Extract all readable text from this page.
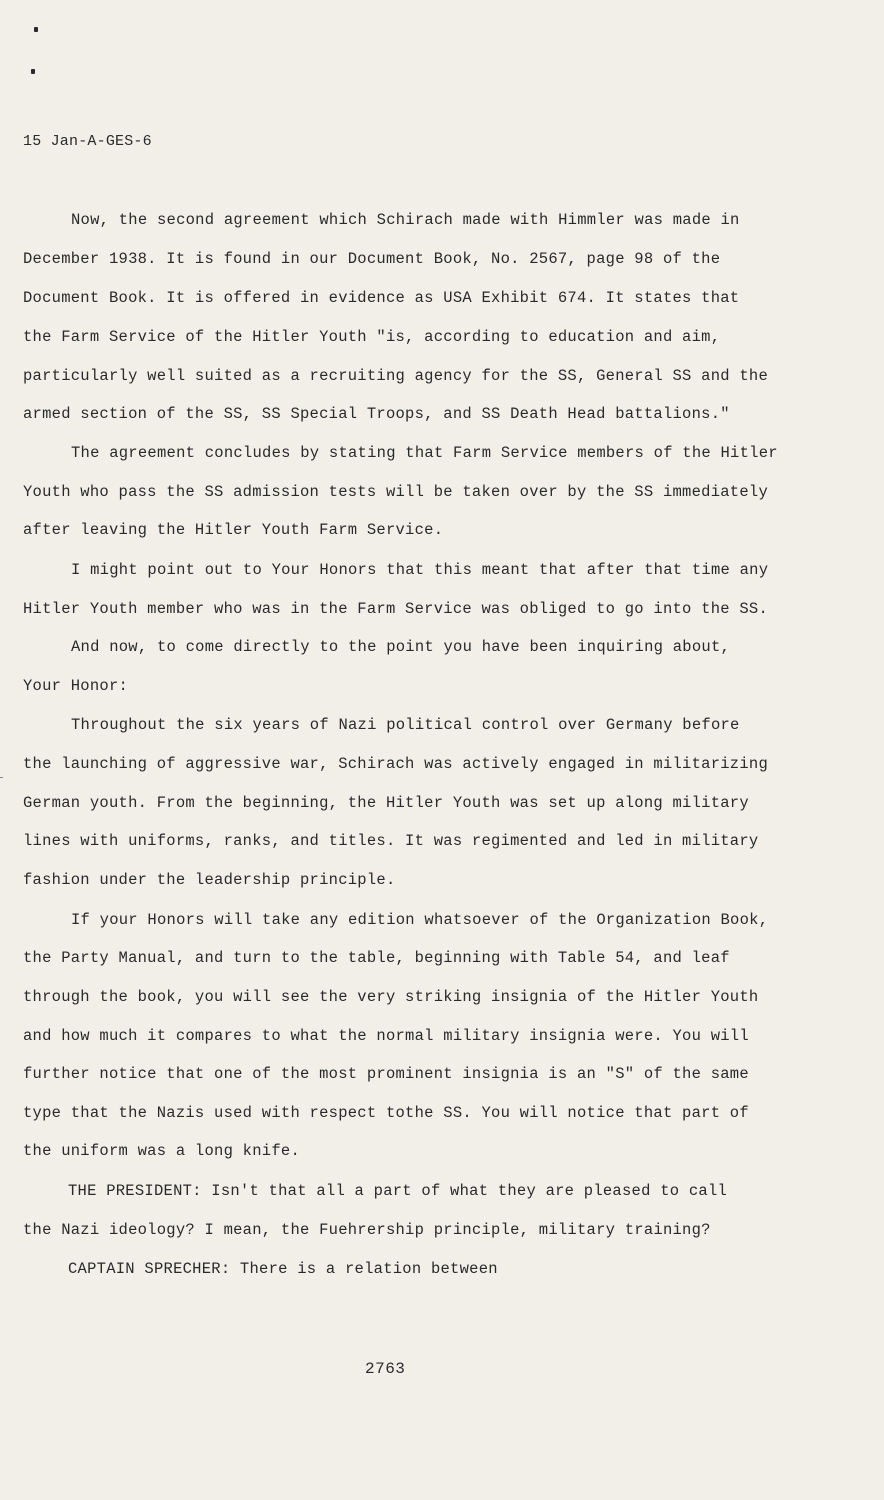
15 Jan-A-GES-6
Now, the second agreement which Schirach made with Himmler was made in
December 1938. It is found in our Document Book, No. 2567, page 98 of the
Document Book. It is offered in evidence as USA Exhibit 674. It states that
the Farm Service of the Hitler Youth "is, according to education and aim,
particularly well suited as a recruiting agency for the SS, General SS and the
armed section of the SS, SS Special Troops, and SS Death Head battalions."
The agreement concludes by stating that Farm Service members of the Hitler
Youth who pass the SS admission tests will be taken over by the SS immediately
after leaving the Hitler Youth Farm Service.
I might point out to Your Honors that this meant that after that time any
Hitler Youth member who was in the Farm Service was obliged to go into the SS.
And now, to come directly to the point you have been inquiring about,
Your Honor:
Throughout the six years of Nazi political control over Germany before
the launching of aggressive war, Schirach was actively engaged in militarizing
German youth. From the beginning, the Hitler Youth was set up along military
lines with uniforms, ranks, and titles. It was regimented and led in military
fashion under the leadership principle.
If your Honors will take any edition whatsoever of the Organization Book,
the Party Manual, and turn to the table, beginning with Table 54, and leaf
through the book, you will see the very striking insignia of the Hitler Youth
and how much it compares to what the normal military insignia were. You will
further notice that one of the most prominent insignia is an "S" of the same
type that the Nazis used with respect tothe SS. You will notice that part of
the uniform was a long knife.
THE PRESIDENT: Isn't that all a part of what they are pleased to call
the Nazi ideology? I mean, the Fuehrership principle, military training?
CAPTAIN SPRECHER: There is a relation between
2763
